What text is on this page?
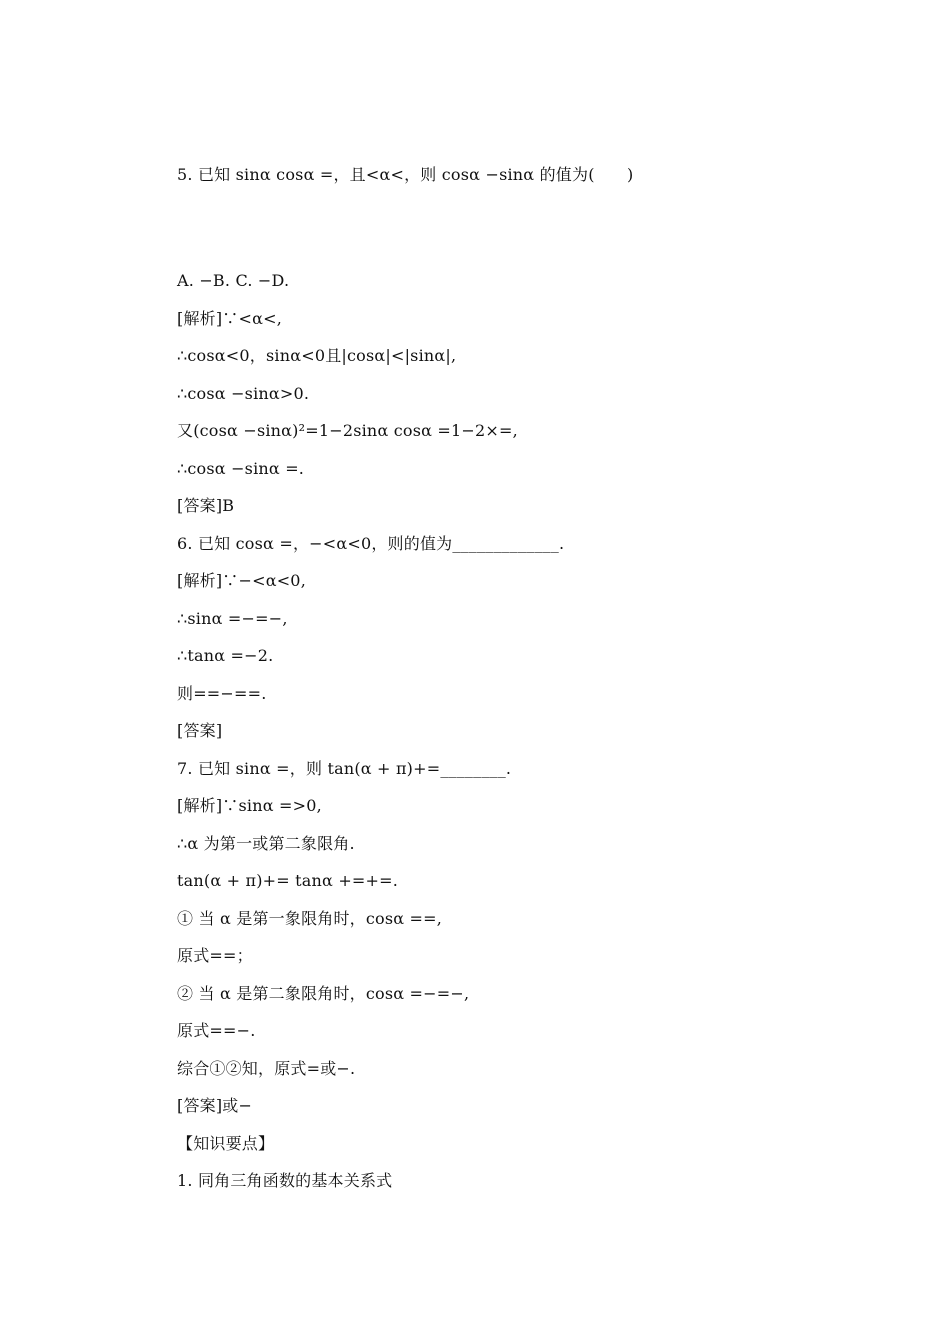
5. 已知 sinα cosα =，且<α<，则 cosα −sinα 的值为(　　)
A. −B. C. −D.
[解析]∵<α<,
∴cosα<0，sinα<0且|cosα|<|sinα|,
∴cosα −sinα>0.
又(cosα −sinα)²=1−2sinα cosα =1−2×=,
∴cosα −sinα =.
[答案]B
6. 已知 cosα =，−<α<0，则的值为_____________.
[解析]∵−<α<0,
∴sinα =−=−,
∴tanα =−2.
则==−==.
[答案]
7. 已知 sinα =，则 tan(α + π)+=________.
[解析]∵sinα =>0,
∴α 为第一或第二象限角.
tan(α + π)+= tanα +=+=.
① 当 α 是第一象限角时，cosα ==,
原式==；
② 当 α 是第二象限角时，cosα =−=−,
原式==−.
综合①②知，原式=或−.
[答案]或−
【知识要点】
1. 同角三角函数的基本关系式
